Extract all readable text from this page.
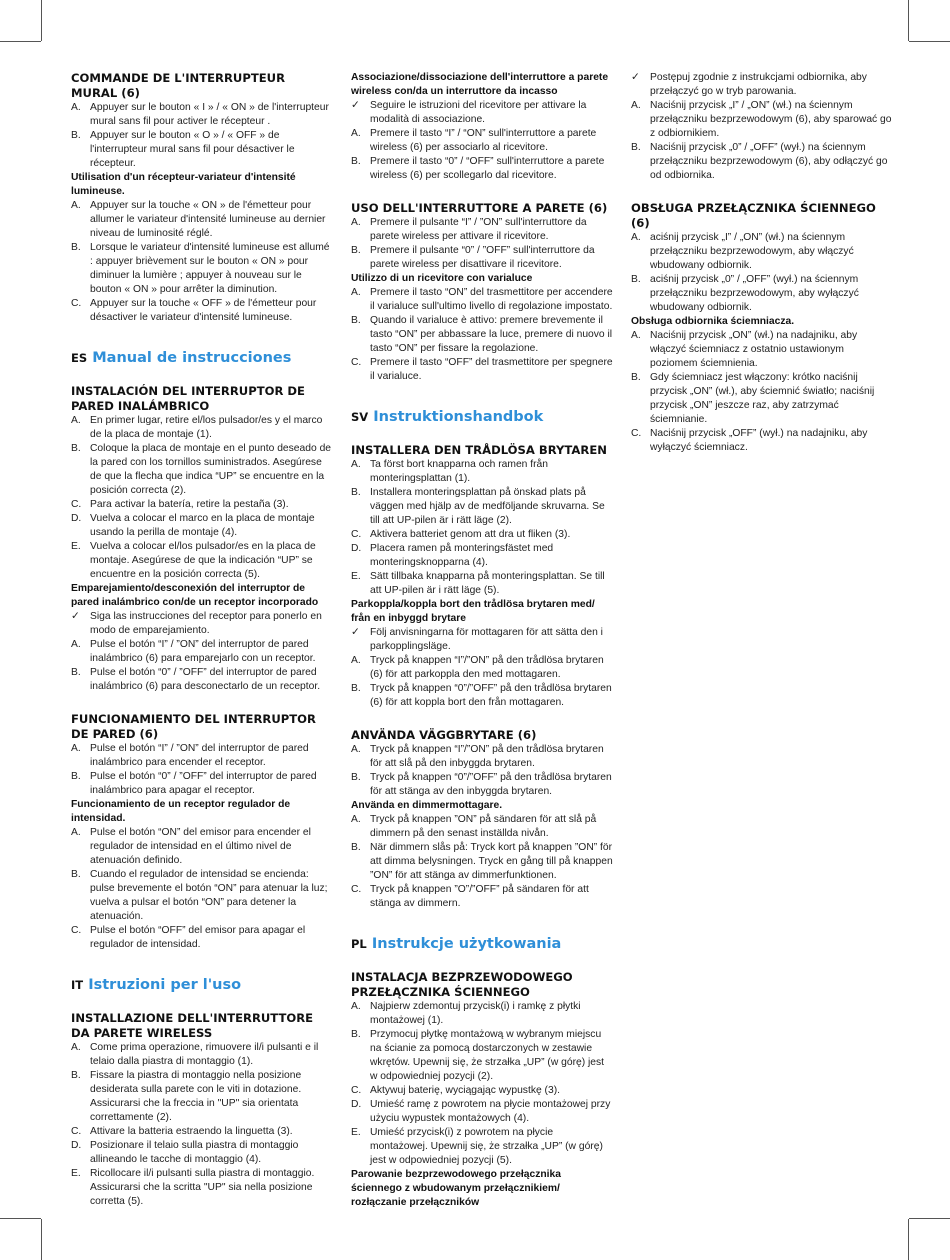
COMMANDE DE L'INTERRUPTEUR MURAL (6)
A. Appuyer sur le bouton « I » / « ON » de l'interrupteur mural sans fil pour activer le récepteur .
B. Appuyer sur le bouton « O » / « OFF » de l'interrupteur mural sans fil pour désactiver le récepteur.
Utilisation d'un récepteur-variateur d'intensité lumineuse.
A. Appuyer sur la touche « ON » de l'émetteur pour allumer le variateur d'intensité lumineuse au dernier niveau de luminosité réglé.
B. Lorsque le variateur d'intensité lumineuse est allumé : appuyer brièvement sur le bouton « ON » pour diminuer la lumière ; appuyer à nouveau sur le bouton « ON » pour arrêter la diminution.
C. Appuyer sur la touche « OFF » de l'émetteur pour désactiver le variateur d'intensité lumineuse.
ES Manual de instrucciones
INSTALACIÓN DEL INTERRUPTOR DE PARED INALÁMBRICO
A. En primer lugar, retire el/los pulsador/es y el marco de la placa de montaje (1).
B. Coloque la placa de montaje en el punto deseado de la pared con los tornillos suministrados. Asegúrese de que la flecha que indica “UP” se encuentre en la posición correcta (2).
C. Para activar la batería, retire la pestaña (3).
D. Vuelva a colocar el marco en la placa de montaje usando la perilla de montaje (4).
E. Vuelva a colocar el/los pulsador/es en la placa de montaje. Asegúrese de que la indicación “UP” se encuentre en la posición correcta (5).
Emparejamiento/desconexión del interruptor de pared inalámbrico con/de un receptor incorporado
✓ Siga las instrucciones del receptor para ponerlo en modo de emparejamiento.
A. Pulse el botón “I” / ”ON” del interruptor de pared inalámbrico (6) para emparejarlo con un receptor.
B. Pulse el botón “0” / ”OFF” del interruptor de pared inalámbrico (6) para desconectarlo de un receptor.
FUNCIONAMIENTO DEL INTERRUPTOR DE PARED (6)
A. Pulse el botón “I” / ”ON” del interruptor de pared inalámbrico para encender el receptor.
B. Pulse el botón “0” / ”OFF” del interruptor de pared inalámbrico para apagar el receptor.
Funcionamiento de un receptor regulador de intensidad.
A. Pulse el botón “ON” del emisor para encender el regulador de intensidad en el último nivel de atenuación definido.
B. Cuando el regulador de intensidad se encienda: pulse brevemente el botón “ON” para atenuar la luz; vuelva a pulsar el botón “ON” para detener la atenuación.
C. Pulse el botón “OFF” del emisor para apagar el regulador de intensidad.
IT Istruzioni per l'uso
INSTALLAZIONE DELL'INTERRUTTORE DA PARETE WIRELESS
A. Come prima operazione, rimuovere il/i pulsanti e il telaio dalla piastra di montaggio (1).
B. Fissare la piastra di montaggio nella posizione desiderata sulla parete con le viti in dotazione. Assicurarsi che la freccia in "UP" sia orientata correttamente (2).
C. Attivare la batteria estraendo la linguetta (3).
D. Posizionare il telaio sulla piastra di montaggio allineando le tacche di montaggio (4).
E. Ricollocare il/i pulsanti sulla piastra di montaggio. Assicurarsi che la scritta "UP" sia nella posizione corretta (5).
Associazione/dissociazione dell'interruttore a parete wireless con/da un interruttore da incasso
✓ Seguire le istruzioni del ricevitore per attivare la modalità di associazione.
A. Premere il tasto “I” / “ON” sull'interruttore a parete wireless (6) per associarlo al ricevitore.
B. Premere il tasto “0” / “OFF” sull'interruttore a parete wireless (6) per scollegarlo dal ricevitore.
USO DELL'INTERRUTTORE A PARETE (6)
A. Premere il pulsante “I” / ”ON” sull'interruttore da parete wireless per attivare il ricevitore.
B. Premere il pulsante “0” / ”OFF” sull'interruttore da parete wireless per disattivare il ricevitore.
Utilizzo di un ricevitore con varialuce
A. Premere il tasto “ON” del trasmettitore per accendere il varialuce sull'ultimo livello di regolazione impostato.
B. Quando il varialuce è attivo: premere brevemente il tasto “ON” per abbassare la luce, premere di nuovo il tasto “ON” per fissare la regolazione.
C. Premere il tasto “OFF” del trasmettitore per spegnere il varialuce.
SV Instruktionshandbok
INSTALLERA DEN TRÅDLÖSA BRYTAREN
A. Ta först bort knapparna och ramen från monteringsplattan (1).
B. Installera monteringsplattan på önskad plats på väggen med hjälp av de medföljande skruvarna. Se till att UP-pilen är i rätt läge (2).
C. Aktivera batteriet genom att dra ut fliken (3).
D. Placera ramen på monteringsfästet med monteringsknopparna (4).
E. Sätt tillbaka knapparna på monteringsplattan. Se till att UP-pilen är i rätt läge (5).
Parkoppla/koppla bort den trådlösa brytaren med/ från en inbyggd brytare
✓ Följ anvisningarna för mottagaren för att sätta den i parkopplingsläge.
A. Tryck på knappen “I”/”ON” på den trådlösa brytaren (6) för att parkoppla den med mottagaren.
B. Tryck på knappen “0”/”OFF” på den trådlösa brytaren (6) för att koppla bort den från mottagaren.
ANVÄNDA VÄGGBRYTARE (6)
A. Tryck på knappen “I”/”ON” på den trådlösa brytaren för att slå på den inbyggda brytaren.
B. Tryck på knappen “0”/”OFF” på den trådlösa brytaren för att stänga av den inbyggda brytaren.
Använda en dimmermottagare.
A. Tryck på knappen ”ON” på sändaren för att slå på dimmern på den senast inställda nivån.
B. När dimmern slås på: Tryck kort på knappen ”ON” för att dimma belysningen. Tryck en gång till på knappen ”ON” för att stänga av dimmerfunktionen.
C. Tryck på knappen ”O”/”OFF” på sändaren för att stänga av dimmern.
PL Instrukcje użytkowania
INSTALACJA BEZPRZEWODOWEGO PRZEŁĄCZNIKA ŚCIENNEGO
A. Najpierw zdemontuj przycisk(i) i ramkę z płytki montażowej (1).
B. Przymocuj płytkę montażową w wybranym miejscu na ścianie za pomocą dostarczonych w zestawie wkrętów. Upewnij się, że strzałka „UP” (w górę) jest w odpowiedniej pozycji (2).
C. Aktywuj baterię, wyciągając wypustkę (3).
D. Umieść ramę z powrotem na płycie montażowej przy użyciu wypustek montażowych (4).
E. Umieść przycisk(i) z powrotem na płycie montażowej. Upewnij się, że strzałka „UP” (w górę) jest w odpowiedniej pozycji (5).
Parowanie bezprzewodowego przełącznika ściennego z wbudowanym przełącznikiem/ rozłączanie przełączników
✓ Postępuj zgodnie z instrukcjami odbiornika, aby przełączyć go w tryb parowania.
A. Naciśnij przycisk „I” / „ON” (wł.) na ściennym przełączniku bezprzewodowym (6), aby sparować go z odbiornikiem.
B. Naciśnij przycisk „0” / „OFF” (wył.) na ściennym przełączniku bezprzewodowym (6), aby odłączyć go od odbiornika.
OBSŁUGA PRZEŁĄCZNIKA ŚCIENNEGO (6)
A. aciśnij przycisk „I” / „ON” (wł.) na ściennym przełączniku bezprzewodowym, aby włączyć wbudowany odbiornik.
B. aciśnij przycisk „0” / „OFF” (wył.) na ściennym przełączniku bezprzewodowym, aby wyłączyć wbudowany odbiornik.
Obsługa odbiornika ściemniacza.
A. Naciśnij przycisk „ON” (wł.) na nadajniku, aby włączyć ściemniacz z ostatnio ustawionym poziomem ściemnienia.
B. Gdy ściemniacz jest włączony: krótko naciśnij przycisk „ON” (wł.), aby ściemnić światło; naciśnij przycisk „ON” jeszcze raz, aby zatrzymać ściemnianie.
C. Naciśnij przycisk „OFF” (wył.) na nadajniku, aby wyłączyć ściemniacz.
